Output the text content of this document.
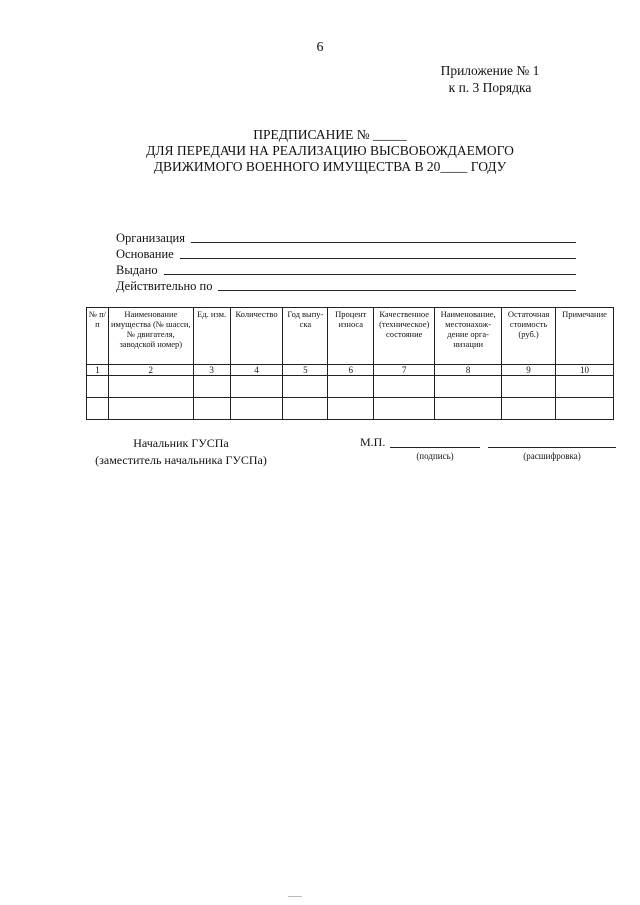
6
Приложение № 1
к п. 3 Порядка
ПРЕДПИСАНИЕ № _____
ДЛЯ ПЕРЕДАЧИ НА РЕАЛИЗАЦИЮ ВЫСВОБОЖДАЕМОГО
ДВИЖИМОГО ВОЕННОГО ИМУЩЕСТВА В 20____ ГОДУ
Организация
Основание
Выдано
Действительно по
№ п/п	Наименование имущества (№ шасси, № двигателя, заводской номер)	Ед. изм.	Количество	Год выпу-ска	Процент износа	Качественное (техническое) состояние	Наименование, местонахож-дение орга-низации	Остаточная стоимость (руб.)	Примечание
1	2	3	4	5	6	7	8	9	10

Начальник ГУСПа
(заместитель начальника ГУСПа)
М.П.
(подпись)	(расшифровка)
